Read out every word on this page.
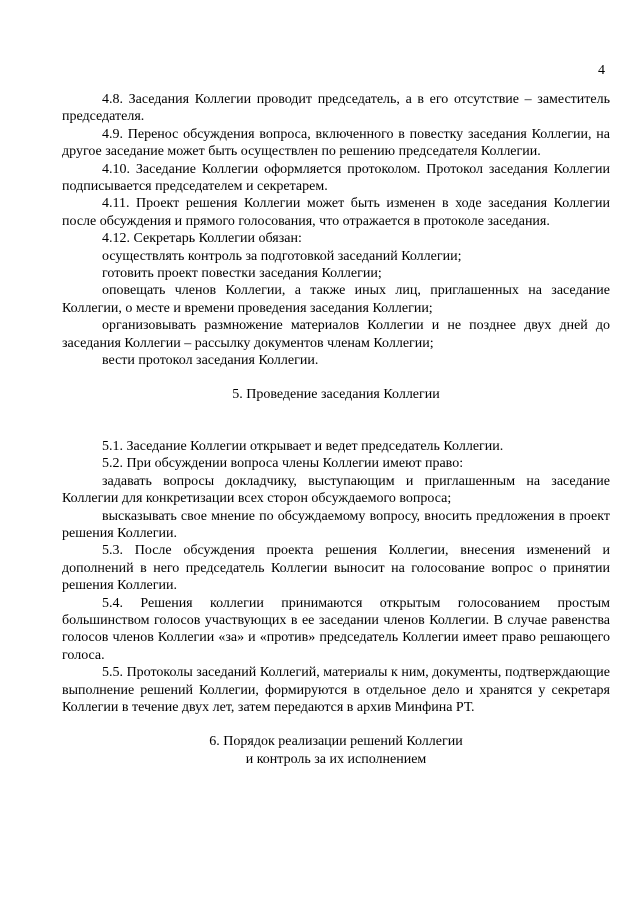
4

4.8. Заседания Коллегии проводит председатель, а в его отсутствие – заместитель председателя.

4.9. Перенос обсуждения вопроса, включенного в повестку заседания Коллегии, на другое заседание может быть осуществлен по решению председателя Коллегии.

4.10. Заседание Коллегии оформляется протоколом. Протокол заседания Коллегии подписывается председателем и секретарем.

4.11. Проект решения Коллегии может быть изменен в ходе заседания Коллегии после обсуждения и прямого голосования, что отражается в протоколе заседания.

4.12. Секретарь Коллегии обязан:

осуществлять контроль за подготовкой заседаний Коллегии;

готовить проект повестки заседания Коллегии;

оповещать членов Коллегии, а также иных лиц, приглашенных на заседание Коллегии, о месте и времени проведения заседания Коллегии;

организовывать размножение материалов Коллегии и не позднее двух дней до заседания Коллегии – рассылку документов членам Коллегии;

вести протокол заседания Коллегии.

5. Проведение заседания Коллегии

5.1. Заседание Коллегии открывает и ведет председатель Коллегии.

5.2. При обсуждении вопроса члены Коллегии имеют право:

задавать вопросы докладчику, выступающим и приглашенным на заседание Коллегии для конкретизации всех сторон обсуждаемого вопроса;

высказывать свое мнение по обсуждаемому вопросу, вносить предложения в проект решения Коллегии.

5.3. После обсуждения проекта решения Коллегии, внесения изменений и дополнений в него председатель Коллегии выносит на голосование вопрос о принятии решения Коллегии.

5.4. Решения коллегии принимаются открытым голосованием простым большинством голосов участвующих в ее заседании членов Коллегии. В случае равенства голосов членов Коллегии «за» и «против» председатель Коллегии имеет право решающего голоса.

5.5. Протоколы заседаний Коллегий, материалы к ним, документы, подтверждающие выполнение решений Коллегии, формируются в отдельное дело и хранятся у секретаря Коллегии в течение двух лет, затем передаются в архив Минфина РТ.

6. Порядок реализации решений Коллегии

и контроль за их исполнением
